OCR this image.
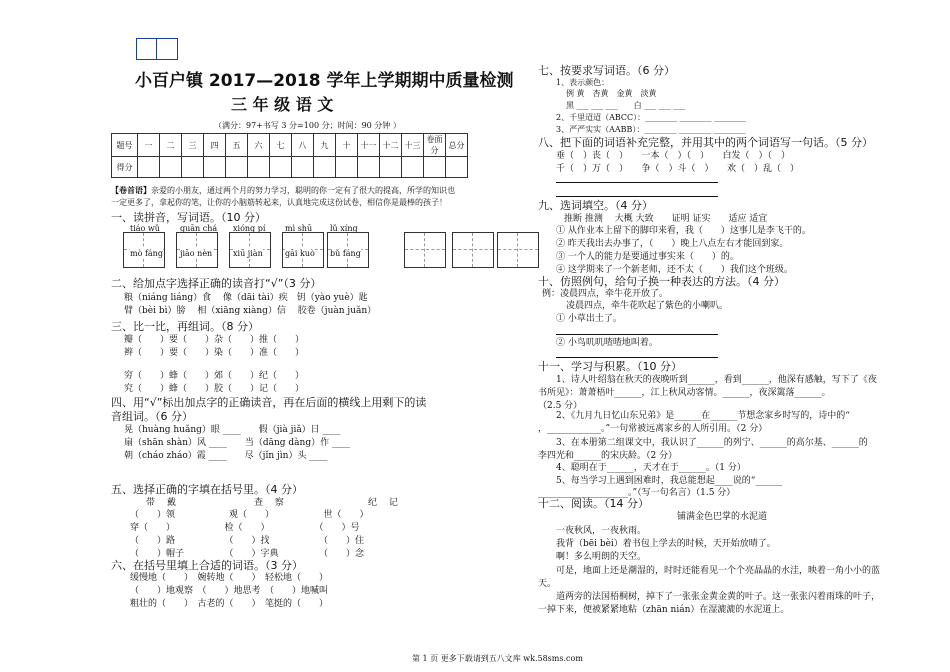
小百户镇 2017—2018 学年上学期期中质量检测
三 年 级 语 文
（满分：97+书写 3 分=100 分；时间：90 分钟 ）
题号	一	二	三	四	五	六	七	八	九	十	十一	十二	十三	卷面分	总分
得分															
【卷首语】亲爱的小朋友，通过两个月的努力学习，聪明的你一定有了很大的提高，所学的知识也
一定更多了，拿起你的笔，让你的小脑筋转起来，认真地完成这份试卷，相信你是最棒的孩子！
一、读拼音，写词语。（10 分）
tiáo wǔ	guān chá xióng pí mì shū lǔ xíng
mò fáng jiāo nèn	xiū jiàn	gāi kuò bǔ fáng
二、给加点字选择正确的读音打“√”（3 分）
粮（niáng liáng）食　 像（dāi tài）疾　钥（yào yuè）匙
臂（bèi bì）膀　 相（xiāng xiàng）信　 胶卷（juàn juǎn）
三、比一比，再组词。（8 分）
瓣（　　）要（　　）杂（　　）推（　　）
辫（　　）要（　　）染（　　）准（　　）
穷（　　）蜂（　　）郊（　　）纪（　　）
究（　　）蜂（　　）胶（　　）记（　　）
四、用“√”标出加点字的正确读音，再在后面的横线上用剩下的读
音组词。（6 分）
晃（huàng huǎng）眼 ____　　假（jià jiǎ）日 ____
扇（shān shàn）风 ____　　当（dāng dàng）作 ____
朝（cháo zháo）霞 ____　　尽（jǐn jìn）头 ____
五、选择正确的字填在括号里。（4 分）
带　 戴	查　 察	纪　 记
（　　）领　　　　　　观（　　）　　　　　　世（　　）
穿（　　）　　　　　　检（　　）　　　　　　（　　）号
（　　）路　　　　　　（　　）找　　　　　　（　　）住
（　　）帽子　　　　　（　　）字典　　　　　（　　）念
六、在括号里填上合适的词语。（3 分）
缓慢地（　　）　婉转地（　　）　轻松地（　　）
（　　）地观察　（　　）地思考　（　　）地喊叫
粗壮的（　　）　古老的（　　）　笔挺的（　　）
七、按要求写词语。（6 分）
1、表示颜色：
例 黄　杏黄　金黄　淡黄
黑 ___ ___ ___　　白 ___ ___ ___
2、千里迢迢（ABCC）：________ ________ ________
3、严严实实（AABB）：________ ________ ________
八、把下面的词语补充完整，并用其中的两个词语写一句话。（5 分）
垂（　）丧（　）　　一本（　）（　）　　白发（　）（　）
千（　）万（　）　　争（　）斗（　）　　欢（　）乱（　）
九、选词填空。（4 分）
推断 推测　 大概 大致　　证明 证实　　适应 适宜
① 从作业本上留下的脚印来看，我（　　）这事儿是李飞干的。
② 昨天我出去办事了，（　　）晚上八点左右才能回到家。
③ 一个人的能力是要通过事实来（　　）的。
④ 这学期来了一个新老师，还不太（　　）我们这个班级。
十、仿照例句，给句子换一种表达的方法。（4 分）
例：凌晨四点，牵牛花开放了。
凌晨四点，牵牛花吹起了紫色的小喇叭。
① 小草出土了。
② 小鸟叽叽喳喳地叫着。
十一、学习与积累。（10 分）
1、诗人叶绍翁在秋天的夜晚听到______，看到______，他深有感触，写下了《夜
书所见》：萧萧梧叶______，江上秋风动客情。______，夜深篱落______。
（2.5 分）
2、《九月九日忆山东兄弟》是______在______节想念家乡时写的，诗中的“
，____________。”一句常被远离家乡的人所引用。（2 分）
3、在本册第二组课文中，我认识了______的列宁、______的高尔基、______的
李四光和______的宋庆龄。（2 分）
4、聪明在于______，天才在于______。（1 分）
5、每当学习上遇到困难时，我总能想起____说的“______
____________________。”（写一句名言）（1.5 分）
十二、阅读。（14 分）
铺满金色巴掌的水泥道
一夜秋风，一夜秋雨。
我背（bēi bèi）着书包上学去的时候，天开始放晴了。
啊！多么明朗的天空。
可是，地面上还是潮湿的，时时还能看见一个个亮晶晶的水洼，映着一角小小的蓝
天。
道两旁的法国梧桐树，掉下了一张张金黄金黄的叶子。这一张张闪着雨珠的叶子，
一掉下来，便被紧紧地粘（zhān nián）在湿漉漉的水泥道上。
第 1 页 更多下载请到五八文库 wk.58sms.com
